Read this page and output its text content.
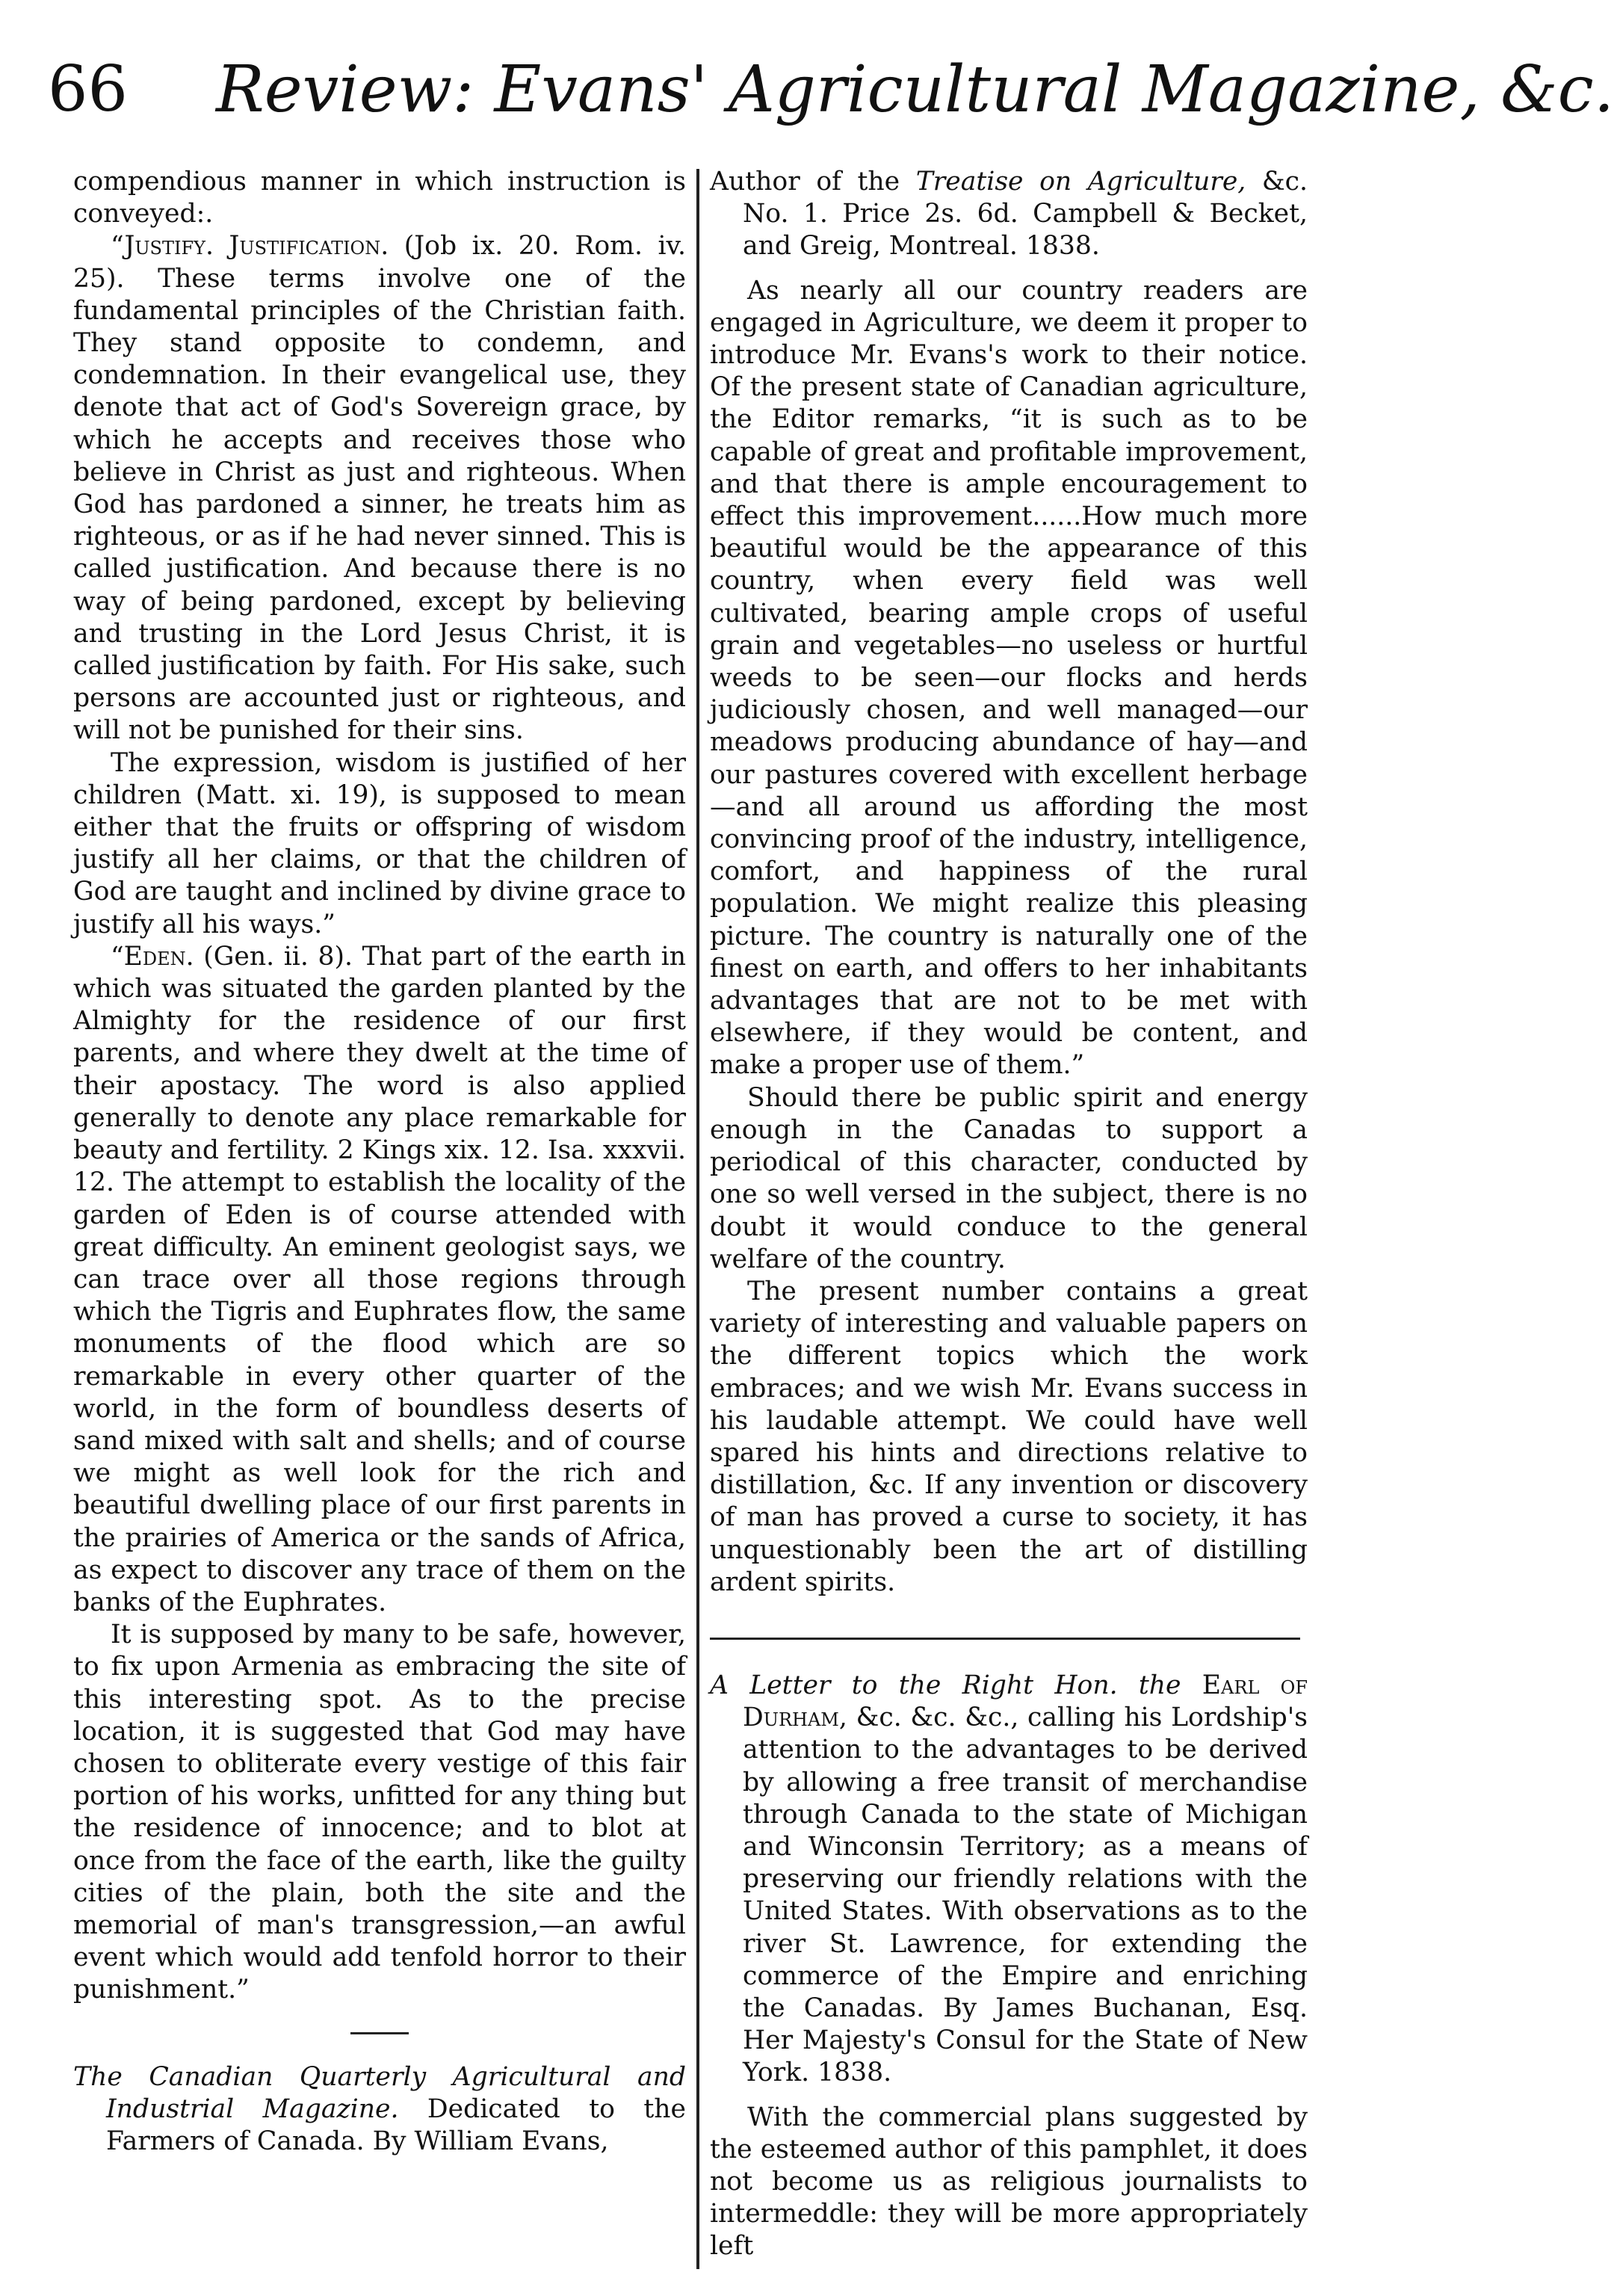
66 Review: Evans' Agricultural Magazine, &c.

compendious manner in which instruction is conveyed:.

“Justify. Justification. (Job ix. 20. Rom. iv. 25). These terms involve one of the fundamental principles of the Christian faith. They stand opposite to condemn, and condemnation. In their evangelical use, they denote that act of God's Sovereign grace, by which he accepts and receives those who believe in Christ as just and righteous. When God has pardoned a sinner, he treats him as righteous, or as if he had never sinned. This is called justification. And because there is no way of being pardoned, except by believing and trusting in the Lord Jesus Christ, it is called justification by faith. For His sake, such persons are accounted just or righteous, and will not be punished for their sins.

The expression, wisdom is justified of her children (Matt. xi. 19), is supposed to mean either that the fruits or offspring of wisdom justify all her claims, or that the children of God are taught and inclined by divine grace to justify all his ways.”

“Eden. (Gen. ii. 8). That part of the earth in which was situated the garden planted by the Almighty for the residence of our first parents, and where they dwelt at the time of their apostacy. The word is also applied generally to denote any place remarkable for beauty and fertility. 2 Kings xix. 12. Isa. xxxvii. 12. The attempt to establish the locality of the garden of Eden is of course attended with great difficulty. An eminent geologist says, we can trace over all those regions through which the Tigris and Euphrates flow, the same monuments of the flood which are so remarkable in every other quarter of the world, in the form of boundless deserts of sand mixed with salt and shells; and of course we might as well look for the rich and beautiful dwelling place of our first parents in the prairies of America or the sands of Africa, as expect to discover any trace of them on the banks of the Euphrates.

It is supposed by many to be safe, however, to fix upon Armenia as embracing the site of this interesting spot. As to the precise location, it is suggested that God may have chosen to obliterate every vestige of this fair portion of his works, unfitted for any thing but the residence of innocence; and to blot at once from the face of the earth, like the guilty cities of the plain, both the site and the memorial of man's transgression,—an awful event which would add tenfold horror to their punishment.”

The Canadian Quarterly Agricultural and Industrial Magazine. Dedicated to the Farmers of Canada. By William Evans,

Author of the Treatise on Agriculture, &c. No. 1. Price 2s. 6d. Campbell & Becket, and Greig, Montreal. 1838.

As nearly all our country readers are engaged in Agriculture, we deem it proper to introduce Mr. Evans's work to their notice. Of the present state of Canadian agriculture, the Editor remarks, “it is such as to be capable of great and profitable improvement, and that there is ample encouragement to effect this improvement......How much more beautiful would be the appearance of this country, when every field was well cultivated, bearing ample crops of useful grain and vegetables—no useless or hurtful weeds to be seen—our flocks and herds judiciously chosen, and well managed—our meadows producing abundance of hay—and our pastures covered with excellent herbage—and all around us affording the most convincing proof of the industry, intelligence, comfort, and happiness of the rural population. We might realize this pleasing picture. The country is naturally one of the finest on earth, and offers to her inhabitants advantages that are not to be met with elsewhere, if they would be content, and make a proper use of them.”

Should there be public spirit and energy enough in the Canadas to support a periodical of this character, conducted by one so well versed in the subject, there is no doubt it would conduce to the general welfare of the country.

The present number contains a great variety of interesting and valuable papers on the different topics which the work embraces; and we wish Mr. Evans success in his laudable attempt. We could have well spared his hints and directions relative to distillation, &c. If any invention or discovery of man has proved a curse to society, it has unquestionably been the art of distilling ardent spirits.

A Letter to the Right Hon. the Earl of Durham, &c. &c. &c., calling his Lordship's attention to the advantages to be derived by allowing a free transit of merchandise through Canada to the state of Michigan and Winconsin Territory; as a means of preserving our friendly relations with the United States. With observations as to the river St. Lawrence, for extending the commerce of the Empire and enriching the Canadas. By James Buchanan, Esq. Her Majesty's Consul for the State of New York. 1838.

With the commercial plans suggested by the esteemed author of this pamphlet, it does not become us as religious journalists to intermeddle: they will be more appropriately left
